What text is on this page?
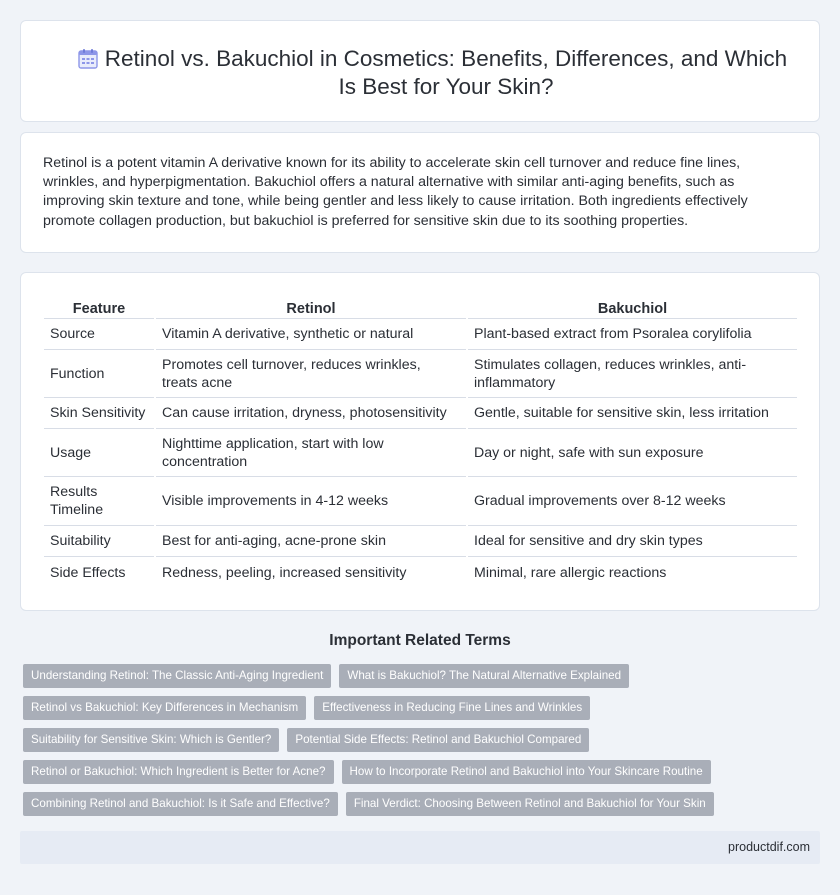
Retinol vs. Bakuchiol in Cosmetics: Benefits, Differences, and Which Is Best for Your Skin?

Retinol is a potent vitamin A derivative known for its ability to accelerate skin cell turnover and reduce fine lines, wrinkles, and hyperpigmentation. Bakuchiol offers a natural alternative with similar anti-aging benefits, such as improving skin texture and tone, while being gentler and less likely to cause irritation. Both ingredients effectively promote collagen production, but bakuchiol is preferred for sensitive skin due to its soothing properties.

Feature	Retinol	Bakuchiol
Source	Vitamin A derivative, synthetic or natural	Plant-based extract from Psoralea corylifolia
Function	Promotes cell turnover, reduces wrinkles, treats acne	Stimulates collagen, reduces wrinkles, anti-inflammatory
Skin Sensitivity	Can cause irritation, dryness, photosensitivity	Gentle, suitable for sensitive skin, less irritation
Usage	Nighttime application, start with low concentration	Day or night, safe with sun exposure
Results Timeline	Visible improvements in 4-12 weeks	Gradual improvements over 8-12 weeks
Suitability	Best for anti-aging, acne-prone skin	Ideal for sensitive and dry skin types
Side Effects	Redness, peeling, increased sensitivity	Minimal, rare allergic reactions
Important Related Terms
Understanding Retinol: The Classic Anti-Aging Ingredient	What is Bakuchiol? The Natural Alternative Explained
Retinol vs Bakuchiol: Key Differences in Mechanism	Effectiveness in Reducing Fine Lines and Wrinkles
Suitability for Sensitive Skin: Which is Gentler?	Potential Side Effects: Retinol and Bakuchiol Compared
Retinol or Bakuchiol: Which Ingredient is Better for Acne?	How to Incorporate Retinol and Bakuchiol into Your Skincare Routine
Combining Retinol and Bakuchiol: Is it Safe and Effective?	Final Verdict: Choosing Between Retinol and Bakuchiol for Your Skin
productdif.com
